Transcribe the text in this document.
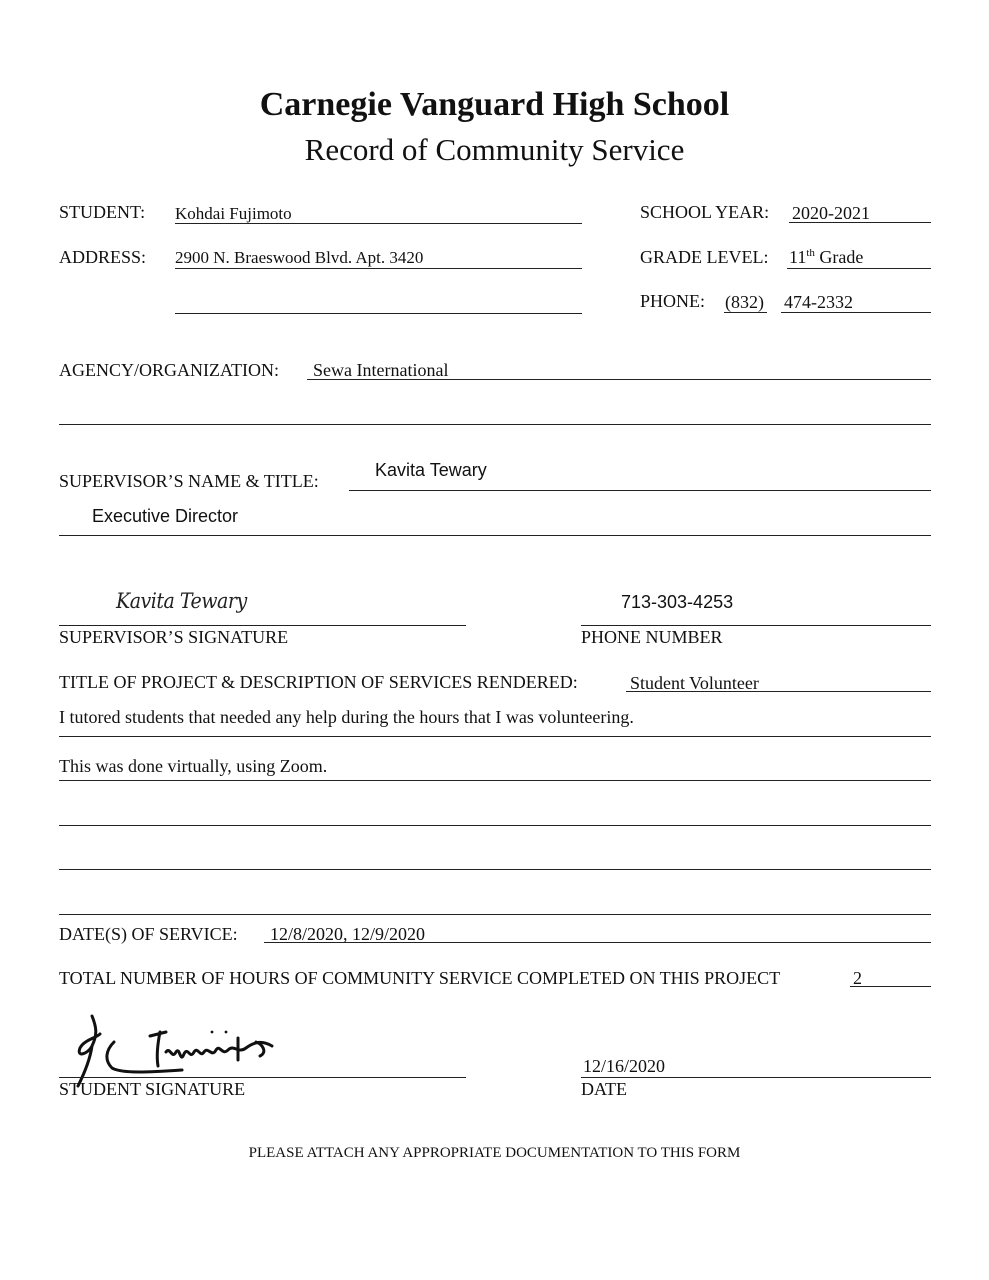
Carnegie Vanguard High School
Record of Community Service
STUDENT: Kohdai Fujimoto
ADDRESS: 2900 N. Braeswood Blvd. Apt. 3420
SCHOOL YEAR: 2020-2021
GRADE LEVEL: 11th Grade
PHONE: (832) 474-2332
AGENCY/ORGANIZATION: Sewa International
SUPERVISOR’S NAME & TITLE:
Kavita Tewary
Executive Director
Kavita Tewary
SUPERVISOR’S SIGNATURE
713-303-4253
PHONE NUMBER
TITLE OF PROJECT & DESCRIPTION OF SERVICES RENDERED:	Student Volunteer
I tutored students that needed any help during the hours that I was volunteering.
This was done virtually, using Zoom.
DATE(S) OF SERVICE: 12/8/2020, 12/9/2020
TOTAL NUMBER OF HOURS OF COMMUNITY SERVICE COMPLETED ON THIS PROJECT	2
STUDENT SIGNATURE
12/16/2020
DATE
PLEASE ATTACH ANY APPROPRIATE DOCUMENTATION TO THIS FORM
